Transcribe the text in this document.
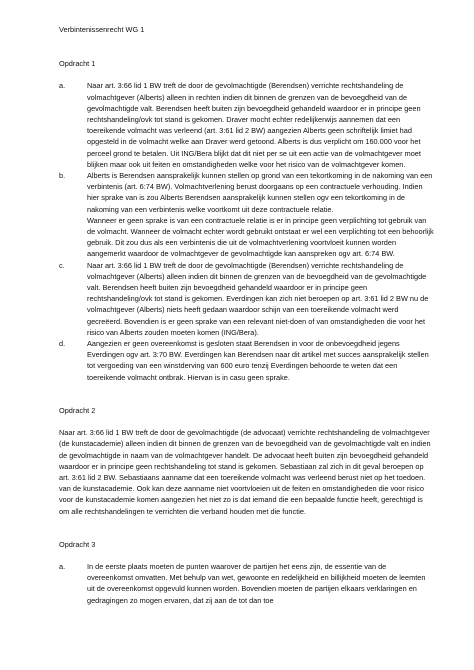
Verbintenissenrecht WG 1

Opdracht 1

a.	Naar art. 3:66 lid 1 BW treft de door de gevolmachtigde (Berendsen) verrichte rechtshandeling de volmachtgever (Alberts) alleen in rechten indien dit binnen de grenzen van de bevoegdheid van de gevolmachtigde valt. Berendsen heeft buiten zijn bevoegdheid gehandeld waardoor er in principe geen rechtshandeling/ovk tot stand is gekomen. Draver mocht echter redelijkerwijs aannemen dat een toereikende volmacht was verleend (art. 3:61 lid 2 BW) aangezien Alberts geen schriftelijk limiet had opgesteld in de volmacht welke aan Draver werd getoond. Alberts is dus verplicht om 160.000 voor het perceel grond te betalen. Uit ING/Bera blijkt dat dit niet per se uit een actie van de volmachtgever moet blijken maar ook uit feiten en omstandigheden welke voor het risico van de volmachtgever komen.

b.	Alberts is Berendsen aansprakelijk kunnen stellen op grond van een tekortkoming in de nakoming van een verbintenis (art. 6:74 BW). Volmachtverlening berust doorgaans op een contractuele verhouding. Indien hier sprake van is zou Alberts Berendsen aansprakelijk kunnen stellen ogv een tekortkoming in de nakoming van een verbintenis welke voortkomt uit deze contractuele relatie.

Wanneer er geen sprake is van een contractuele relatie is er in principe geen verplichting tot gebruik van de volmacht. Wanneer de volmacht echter wordt gebruikt ontstaat er wel een verplichting tot een behoorlijk gebruik. Dit zou dus als een verbintenis die uit de volmachtverlening voortvloeit kunnen worden aangemerkt waardoor de volmachtgever de gevolmachtigde kan aanspreken ogv art. 6:74 BW.

c.	Naar art. 3:66 lid 1 BW treft de door de gevolmachtigde (Berendsen) verrichte rechtshandeling de volmachtgever (Alberts) alleen indien dit binnen de grenzen van de bevoegdheid van de gevolmachtigde valt. Berendsen heeft buiten zijn bevoegdheid gehandeld waardoor er in principe geen rechtshandeling/ovk tot stand is gekomen. Everdingen kan zich niet beroepen op art. 3:61 lid 2 BW nu de volmachtgever (Alberts) niets heeft gedaan waardoor schijn van een toereikende volmacht werd gecreëerd. Bovendien is er geen sprake van een relevant niet-doen of van omstandigheden die voor het risico van Alberts zouden moeten komen (ING/Bera).

d.	Aangezien er geen overeenkomst is gesloten staat Berendsen in voor de onbevoegdheid jegens Everdingen ogv art. 3:70 BW. Everdingen kan Berendsen naar dit artikel met succes aansprakelijk stellen tot vergoeding van een winstderving van 600 euro tenzij Everdingen behoorde te weten dat een toereikende volmacht ontbrak. Hiervan is in casu geen sprake.

Opdracht 2

Naar art. 3:66 lid 1 BW treft de door de gevolmachtigde (de advocaat) verrichte rechtshandeling de volmachtgever (de kunstacademie) alleen indien dit binnen de grenzen van de bevoegdheid van de gevolmachtigde valt en indien de gevolmachtigde in naam van de volmachtgever handelt. De advocaat heeft buiten zijn bevoegdheid gehandeld waardoor er in principe geen rechtshandeling tot stand is gekomen. Sebastiaan zal zich in dit geval beroepen op art. 3:61 lid 2 BW. Sebastiaans aanname dat een toereikende volmacht was verleend berust niet op het toedoen. van de kunstacademie. Ook kan deze aanname niet voortvloeien uit de feiten en omstandigheden die voor risico voor de kunstacademie komen aangezien het niet zo is dat iemand die een bepaalde functie heeft, gerechtigd is om alle rechtshandelingen te verrichten die verband houden met die functie.

Opdracht 3

a.	In de eerste plaats moeten de punten waarover de partijen het eens zijn, de essentie van de overeenkomst omvatten. Met behulp van wet, gewoonte en redelijkheid en billijkheid moeten de leemten uit de overeenkomst opgevuld kunnen worden. Bovendien moeten de partijen elkaars verklaringen en gedragingen zo mogen ervaren, dat zij aan de tot dan toe
